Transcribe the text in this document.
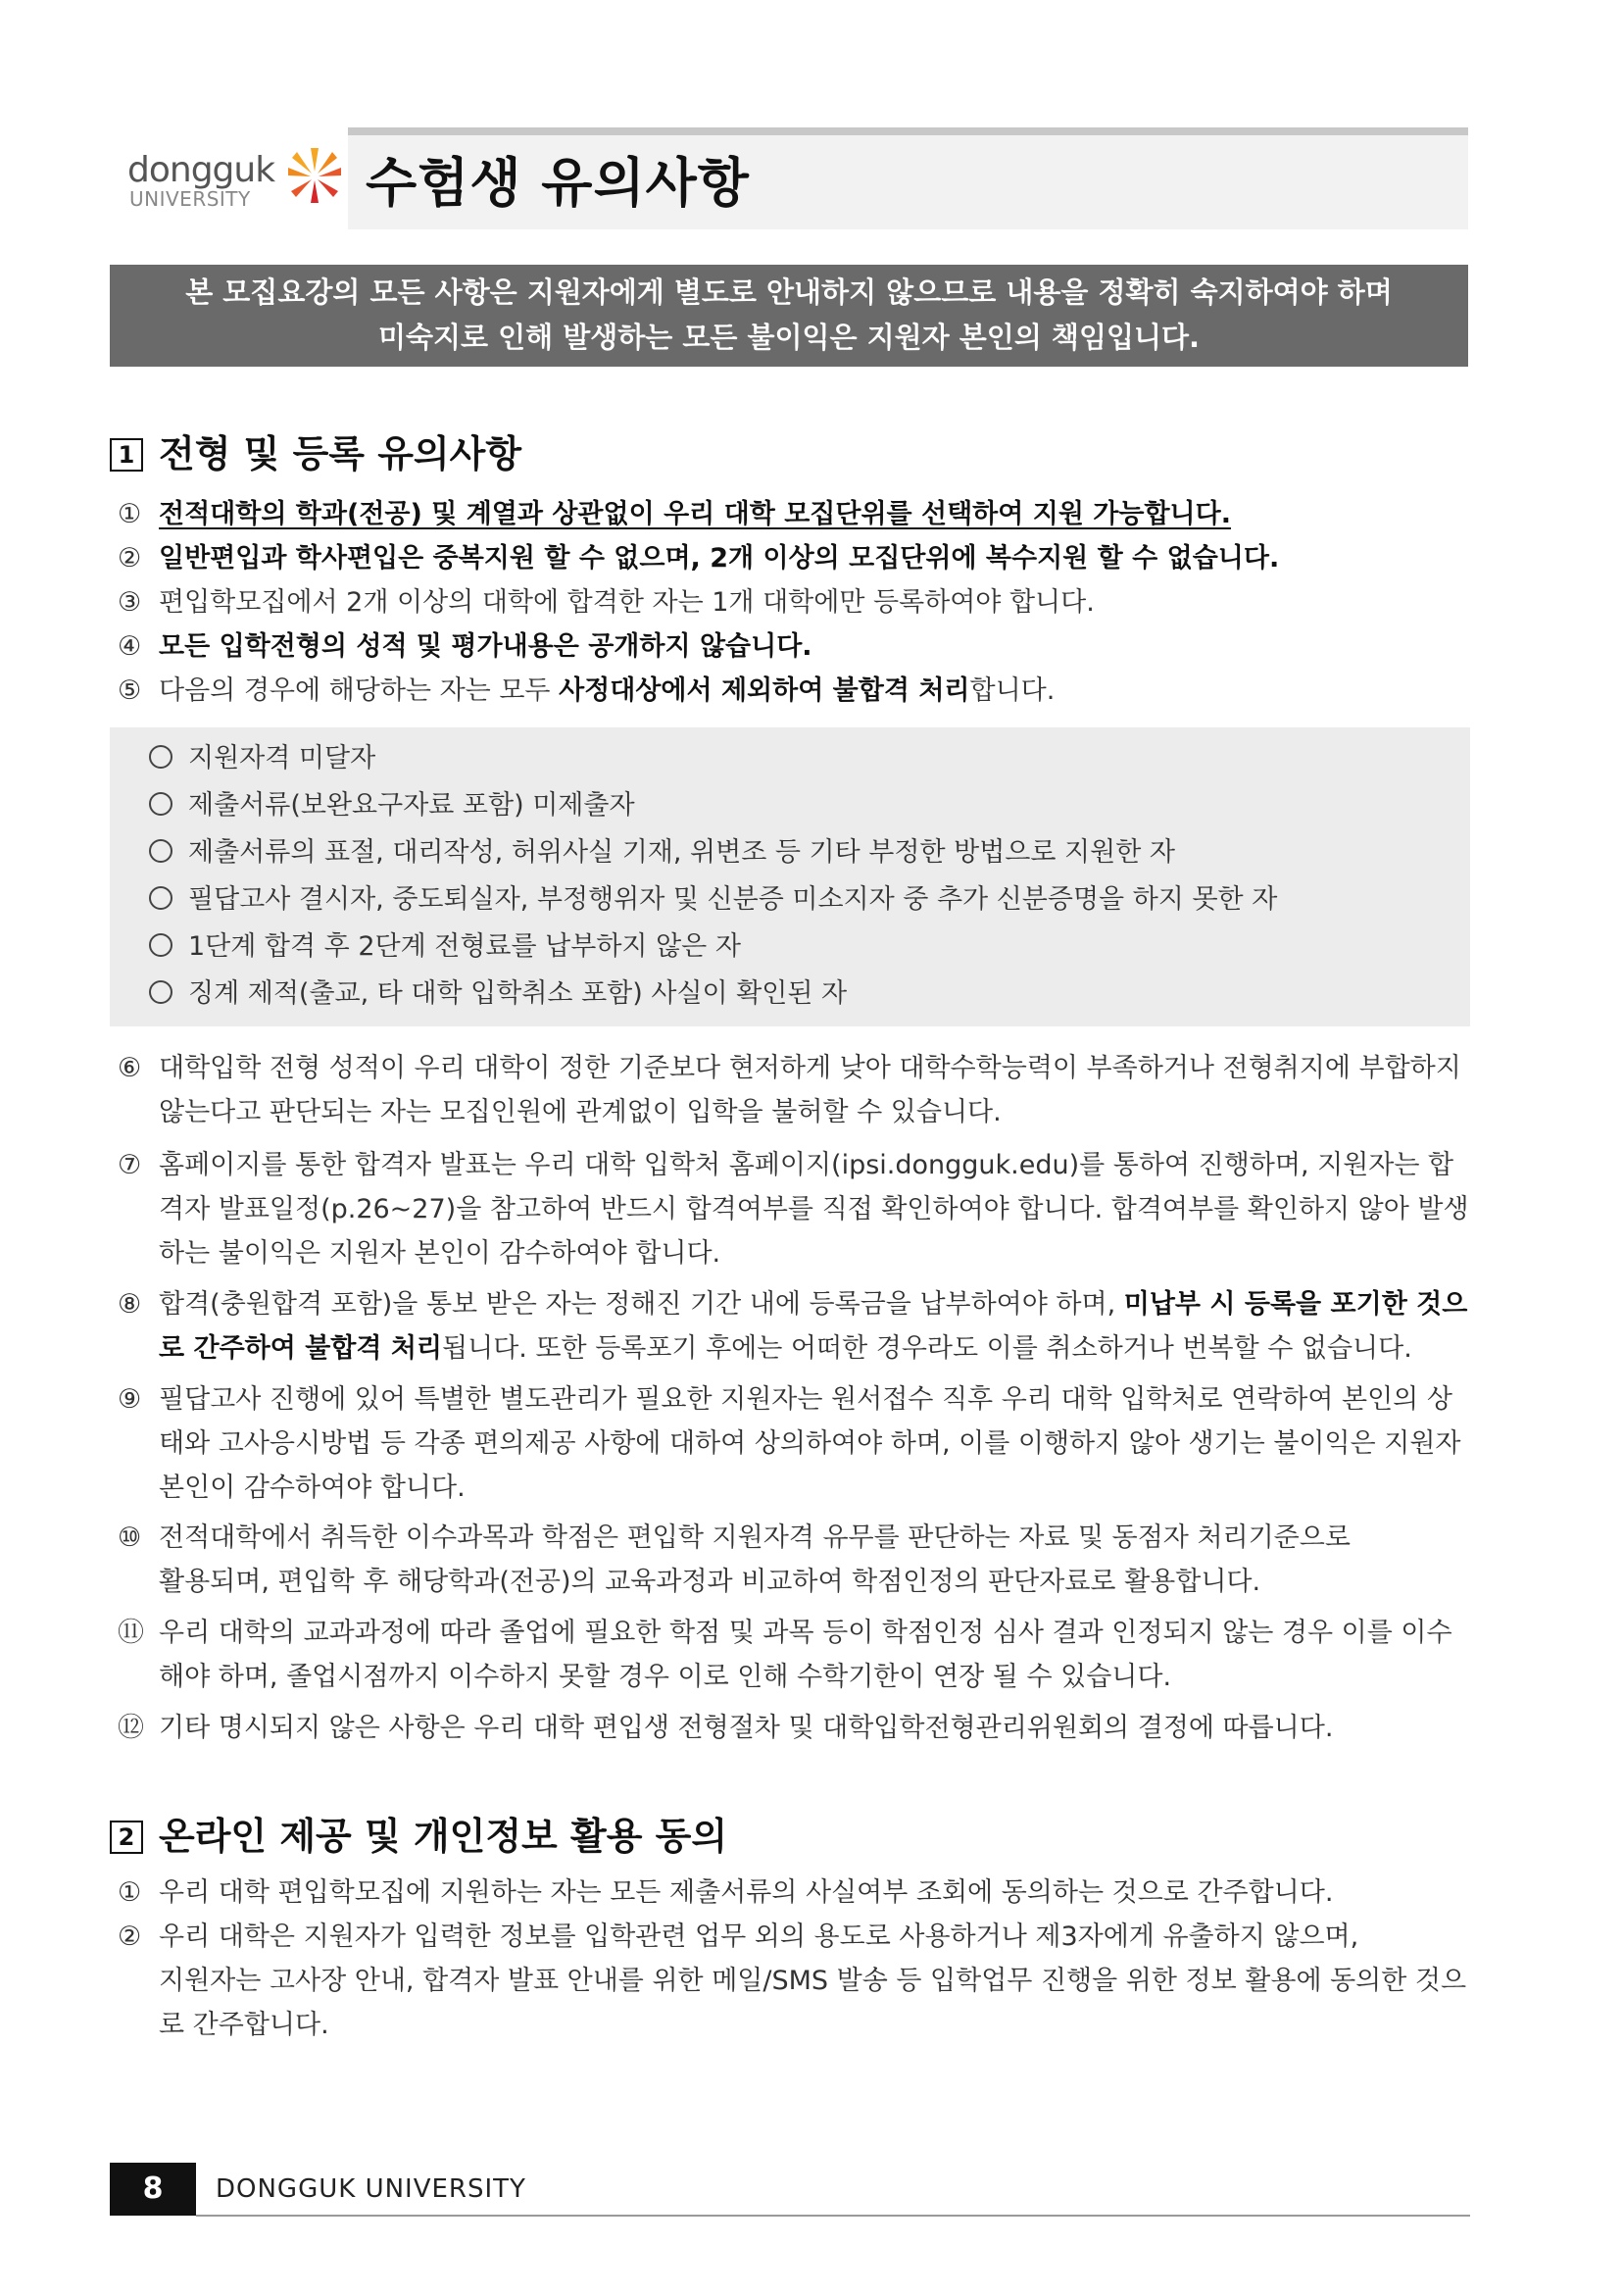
dongguk
UNIVERSITY 수험생 유의사항
본 모집요강의 모든 사항은 지원자에게 별도로 안내하지 않으므로 내용을 정확히 숙지하여야 하며
미숙지로 인해 발생하는 모든 불이익은 지원자 본인의 책임입니다.
1 전형 및 등록 유의사항
① 전적대학의 학과(전공) 및 계열과 상관없이 우리 대학 모집단위를 선택하여 지원 가능합니다.
② 일반편입과 학사편입은 중복지원 할 수 없으며, 2개 이상의 모집단위에 복수지원 할 수 없습니다.
③ 편입학모집에서 2개 이상의 대학에 합격한 자는 1개 대학에만 등록하여야 합니다.
④ 모든 입학전형의 성적 및 평가내용은 공개하지 않습니다.
⑤ 다음의 경우에 해당하는 자는 모두 사정대상에서 제외하여 불합격 처리합니다.
지원자격 미달자
제출서류(보완요구자료 포함) 미제출자
제출서류의 표절, 대리작성, 허위사실 기재, 위변조 등 기타 부정한 방법으로 지원한 자
필답고사 결시자, 중도퇴실자, 부정행위자 및 신분증 미소지자 중 추가 신분증명을 하지 못한 자
1단계 합격 후 2단계 전형료를 납부하지 않은 자
징계 제적(출교, 타 대학 입학취소 포함) 사실이 확인된 자
⑥ 대학입학 전형 성적이 우리 대학이 정한 기준보다 현저하게 낮아 대학수학능력이 부족하거나 전형취지에 부합하지 않는다고 판단되는 자는 모집인원에 관계없이 입학을 불허할 수 있습니다.
⑦ 홈페이지를 통한 합격자 발표는 우리 대학 입학처 홈페이지(ipsi.dongguk.edu)를 통하여 진행하며, 지원자는 합격자 발표일정(p.26~27)을 참고하여 반드시 합격여부를 직접 확인하여야 합니다. 합격여부를 확인하지 않아 발생하는 불이익은 지원자 본인이 감수하여야 합니다.
⑧ 합격(충원합격 포함)을 통보 받은 자는 정해진 기간 내에 등록금을 납부하여야 하며, 미납부 시 등록을 포기한 것으로 간주하여 불합격 처리됩니다. 또한 등록포기 후에는 어떠한 경우라도 이를 취소하거나 번복할 수 없습니다.
⑨ 필답고사 진행에 있어 특별한 별도관리가 필요한 지원자는 원서접수 직후 우리 대학 입학처로 연락하여 본인의 상태와 고사응시방법 등 각종 편의제공 사항에 대하여 상의하여야 하며, 이를 이행하지 않아 생기는 불이익은 지원자 본인이 감수하여야 합니다.
⑩ 전적대학에서 취득한 이수과목과 학점은 편입학 지원자격 유무를 판단하는 자료 및 동점자 처리기준으로
활용되며, 편입학 후 해당학과(전공)의 교육과정과 비교하여 학점인정의 판단자료로 활용합니다.
⑪ 우리 대학의 교과과정에 따라 졸업에 필요한 학점 및 과목 등이 학점인정 심사 결과 인정되지 않는 경우 이를 이수해야 하며, 졸업시점까지 이수하지 못할 경우 이로 인해 수학기한이 연장 될 수 있습니다.
⑫ 기타 명시되지 않은 사항은 우리 대학 편입생 전형절차 및 대학입학전형관리위원회의 결정에 따릅니다.
2 온라인 제공 및 개인정보 활용 동의
① 우리 대학 편입학모집에 지원하는 자는 모든 제출서류의 사실여부 조회에 동의하는 것으로 간주합니다.
② 우리 대학은 지원자가 입력한 정보를 입학관련 업무 외의 용도로 사용하거나 제3자에게 유출하지 않으며,
지원자는 고사장 안내, 합격자 발표 안내를 위한 메일/SMS 발송 등 입학업무 진행을 위한 정보 활용에 동의한 것으로 간주합니다.
8	DONGGUK UNIVERSITY
